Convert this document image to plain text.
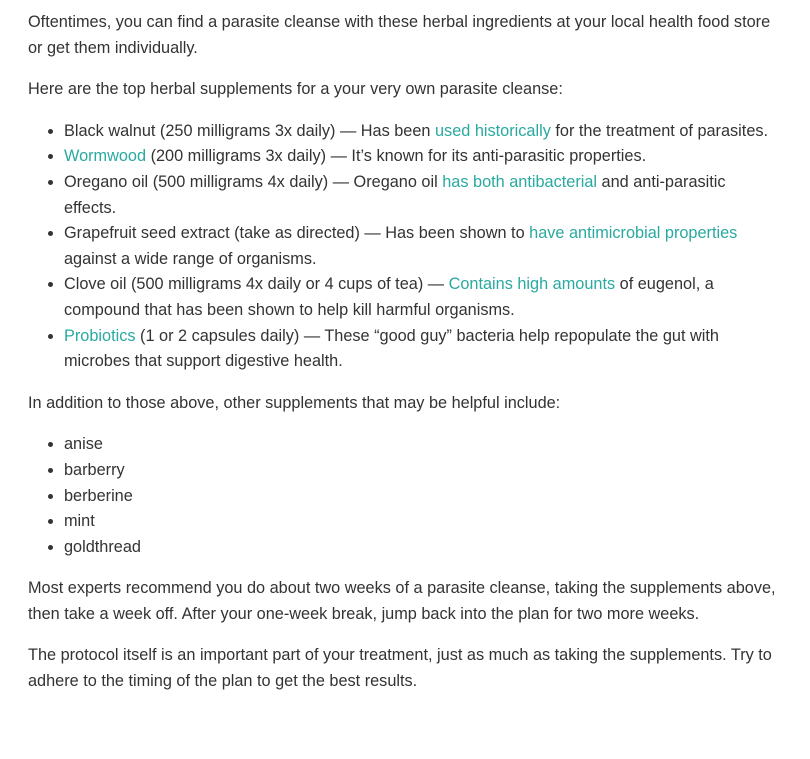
Oftentimes, you can find a parasite cleanse with these herbal ingredients at your local health food store or get them individually.

Here are the top herbal supplements for a your very own parasite cleanse:

• Black walnut (250 milligrams 3x daily) — Has been used historically for the treatment of parasites.
• Wormwood (200 milligrams 3x daily) — It’s known for its anti-parasitic properties.
• Oregano oil (500 milligrams 4x daily) — Oregano oil has both antibacterial and anti-parasitic effects.
• Grapefruit seed extract (take as directed) — Has been shown to have antimicrobial properties against a wide range of organisms.
• Clove oil (500 milligrams 4x daily or 4 cups of tea) — Contains high amounts of eugenol, a compound that has been shown to help kill harmful organisms.
• Probiotics (1 or 2 capsules daily) — These “good guy” bacteria help repopulate the gut with microbes that support digestive health.

In addition to those above, other supplements that may be helpful include:

• anise
• barberry
• berberine
• mint
• goldthread

Most experts recommend you do about two weeks of a parasite cleanse, taking the supplements above, then take a week off. After your one-week break, jump back into the plan for two more weeks.

The protocol itself is an important part of your treatment, just as much as taking the supplements. Try to adhere to the timing of the plan to get the best results.
